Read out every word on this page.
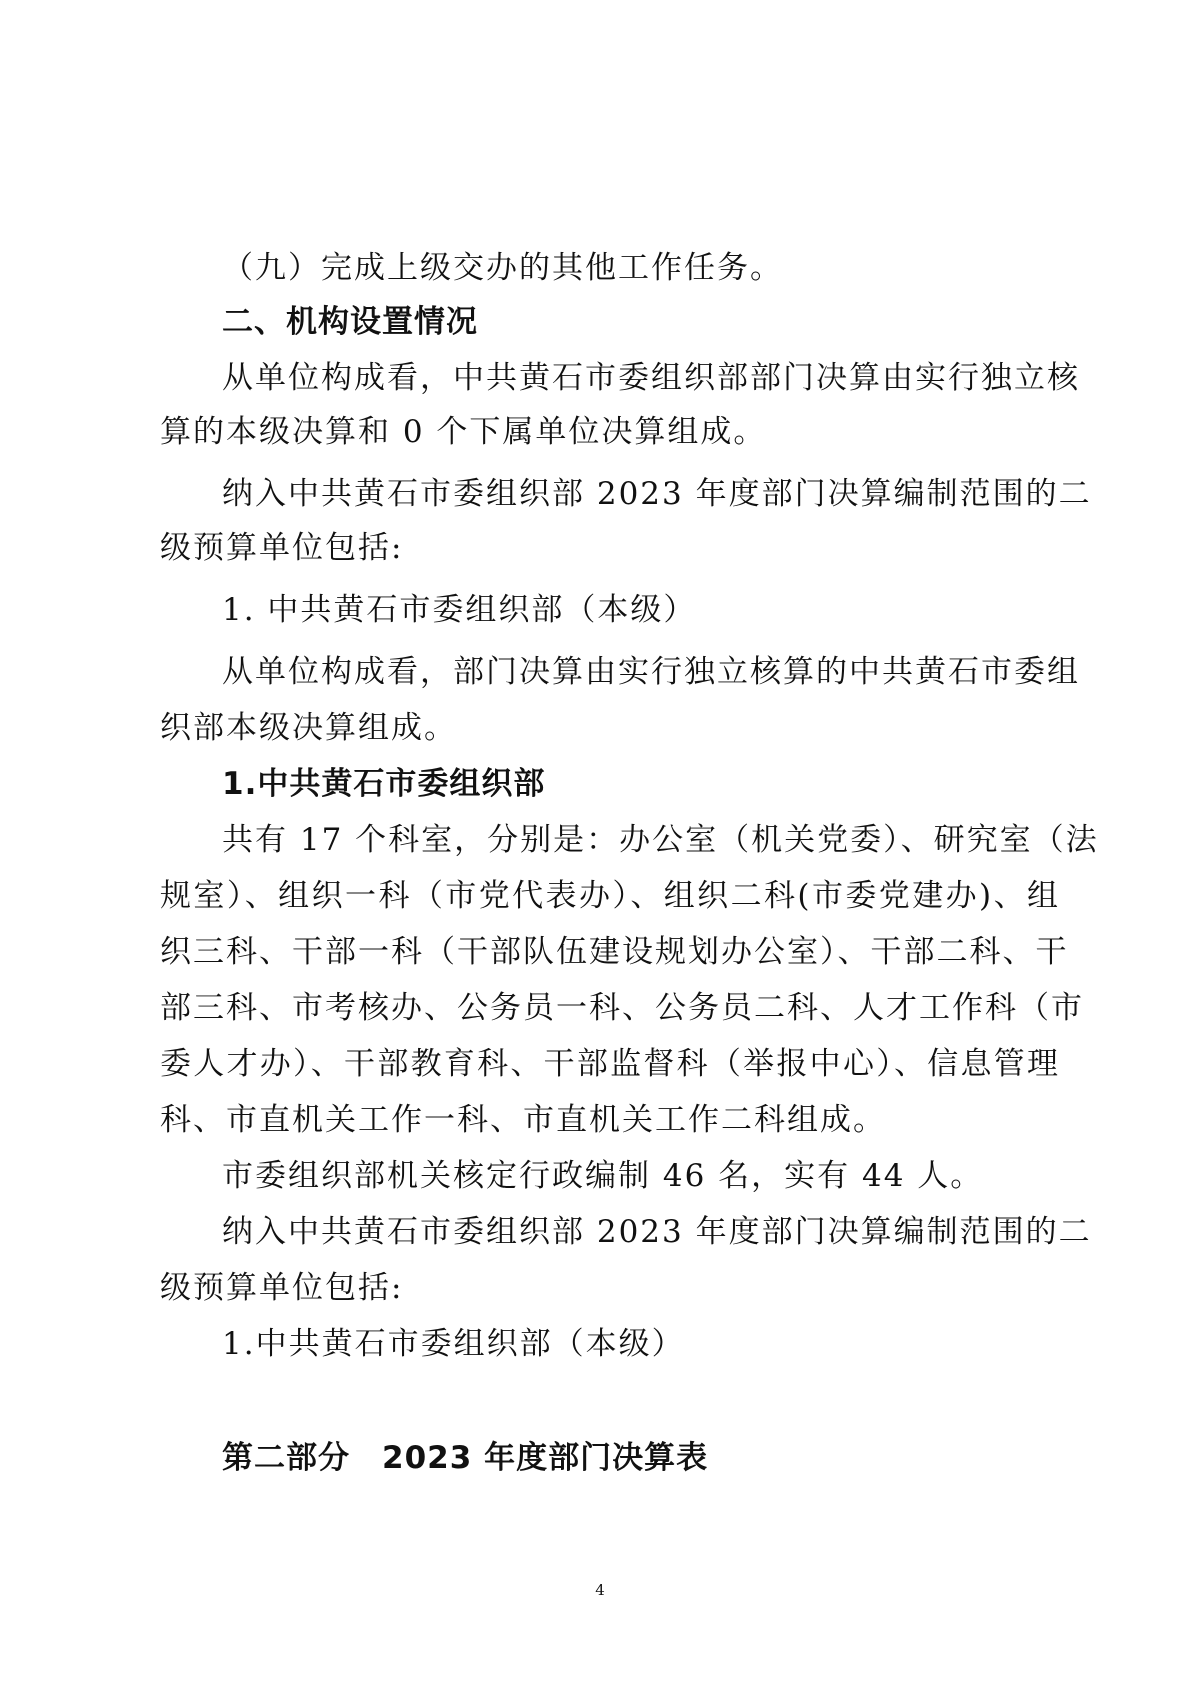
（九）完成上级交办的其他工作任务。
二、机构设置情况
从单位构成看，中共黄石市委组织部部门决算由实行独立核
算的本级决算和 0 个下属单位决算组成。
纳入中共黄石市委组织部 2023 年度部门决算编制范围的二
级预算单位包括:
1. 中共黄石市委组织部（本级）
从单位构成看，部门决算由实行独立核算的中共黄石市委组
织部本级决算组成。
1.中共黄石市委组织部
共有 17 个科室，分别是：办公室（机关党委）、研究室（法
规室）、组织一科（市党代表办）、组织二科(市委党建办)、组
织三科、干部一科（干部队伍建设规划办公室）、干部二科、干
部三科、市考核办、公务员一科、公务员二科、人才工作科（市
委人才办）、干部教育科、干部监督科（举报中心）、信息管理
科、市直机关工作一科、市直机关工作二科组成。
市委组织部机关核定行政编制 46 名，实有 44 人。
纳入中共黄石市委组织部 2023 年度部门决算编制范围的二
级预算单位包括:
1.中共黄石市委组织部（本级）
第二部分　2023 年度部门决算表
4
